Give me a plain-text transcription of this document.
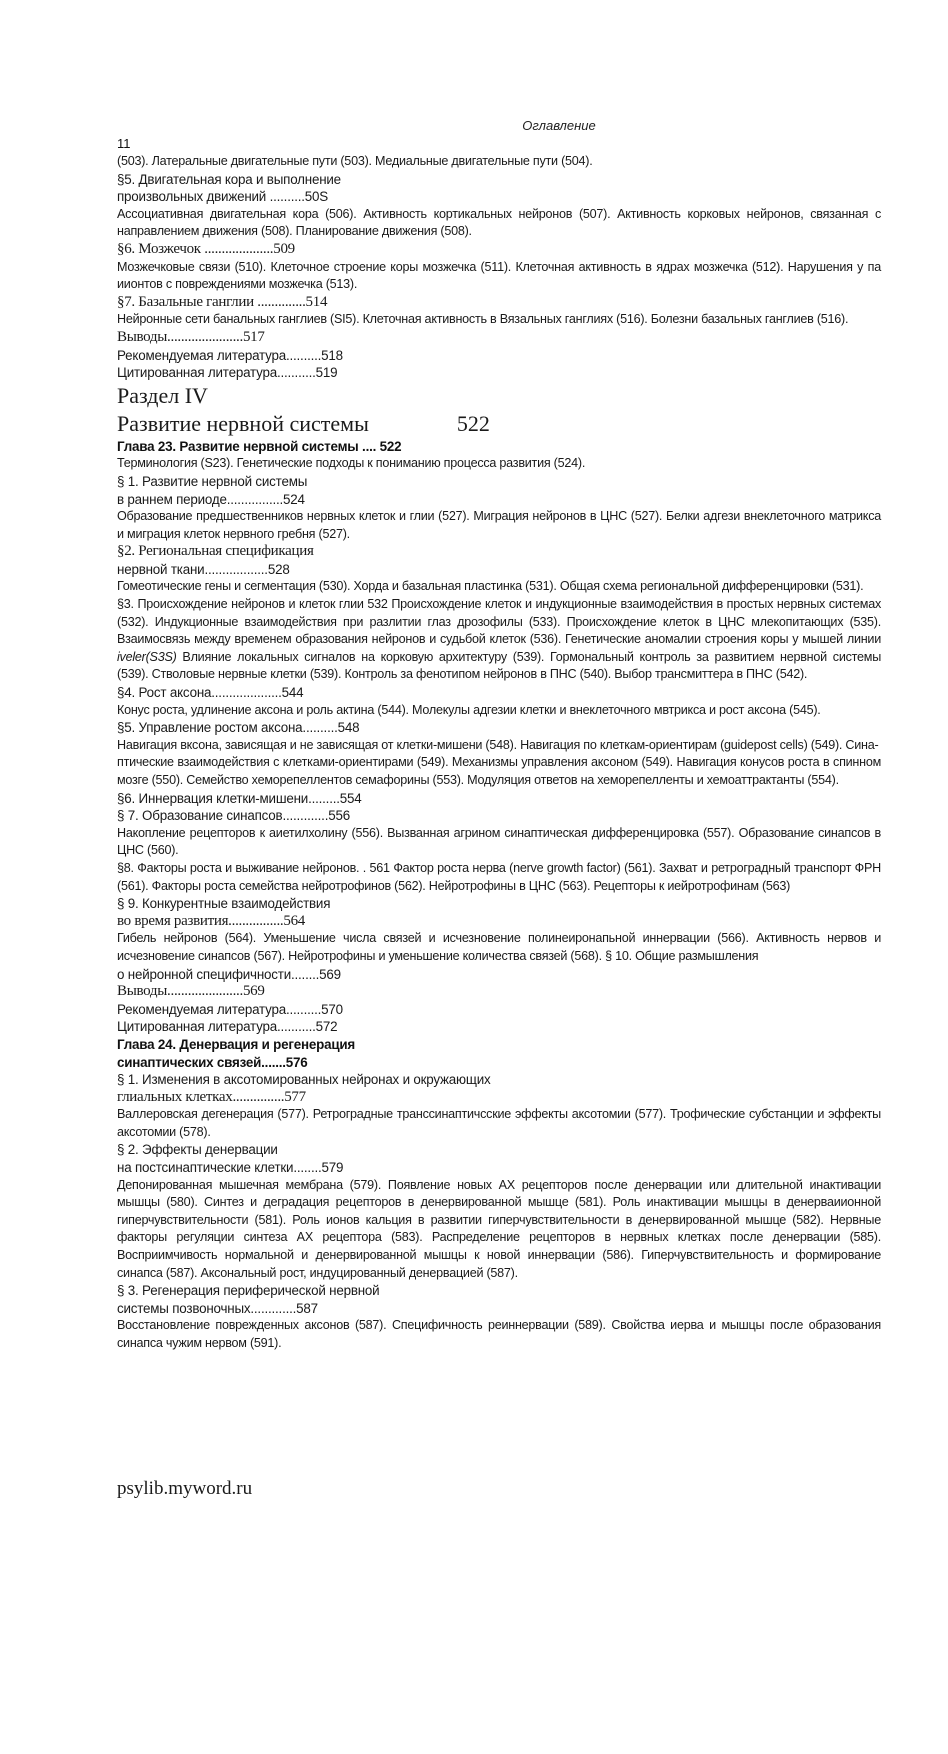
Оглавление
11
(503). Латеральные двигательные пути (503). Медиальные двигательные пути (504).
§5. Двигательная кора и выполнение
произвольных движений ..........50S
Ассоциативная двигательная кора (506). Активность кортикальных нейронов (507). Активность корковых нейронов, связанная с направлением движения (508). Планирование движения (508).
§6. Мозжечок ....................509
Мозжечковые связи (510). Клеточное строение коры мозжечка (511). Клеточная активность в ядрах мозжечка (512). Нарушения у па иионтов с повреждениями мозжечка (513).
§7. Базальные ганглии ..............514
Нейронные сети банальных ганглиев (SI5). Клеточная активность в Вязальных ганглиях (516). Болезни базальных ганглиев (516).
Выводы......................517
Рекомендуемая литература..........518
Цитированная литература...........519
Раздел IV
Развитие нервной системы                522
Глава 23. Развитие нервной системы .... 522
Терминология (S23). Генетические подходы к пониманию процесса развития (524).
§ 1. Развитие нервной системы
в раннем периоде................524
Образование предшественников нервных клеток и глии (527). Миграция нейронов в ЦНС (527). Белки адгези внеклеточного матрикса и миграция клеток нервного гребня (527).
§2. Региональная спецификация
нервной ткани..................528
Гомеотические гены и сегментация (530). Хорда и базальная пластинка (531). Общая схема региональной дифференцировки (531).
§3. Происхождение нейронов и клеток глии 532 Происхождение клеток и индукционные взаимодействия в простых нервных системах (532). Индукционные взаимодействия при разлитии глаз дрозофилы (533). Происхождение клеток в ЦНС млекопитающих (535). Взаимосвязь между временем образования нейронов и судьбой клеток (536). Генетические аномалии строения коры у мышей линии iveler(S3S) Влияние локальных сигналов на корковую архитектуру (539). Гормональный контроль за развитием нервной системы (539). Стволовые нервные клетки (539). Контроль за фенотипом нейронов в ПНС (540). Выбор трансмиттера в ПНС (542).
§4. Рост аксона....................544
Конус роста, удлинение аксона и роль актина (544). Молекулы адгезии клетки и внеклеточного мвтрикса и рост аксона (545).
§5. Управление ростом аксона..........548
Навигация вксона, зависящая и не зависящая от клетки-мишени (548). Навигация по клеткам-ориентирам (guidepost cells) (549). Сина-
птические взаимодействия с клетками-ориентирами (549). Механизмы управления аксоном (549). Навигация конусов роста в спинном мозге (550). Семейство хеморепеллентов семафорины (553). Модуляция ответов на хеморепелленты и хемоаттрактанты (554).
§6. Иннервация клетки-мишени.........554
§ 7. Образование синапсов.............556
Накопление рецепторов к аиетилхолину (556). Вызванная агрином синаптическая дифференцировка (557). Образование синапсов в ЦНС (560).
§8. Факторы роста и выживание нейронов. . 561 Фактор роста нерва (nerve growth factor) (561). Захват и ретроградный транспорт ФРН (561). Факторы роста семейства нейротрофинов (562). Нейротрофины в ЦНС (563). Рецепторы к иейротрофинам (563)
§ 9. Конкурентные взаимодействия
во время развития................564
Гибель нейронов (564). Уменьшение числа связей и исчезновение полинеиронапьной иннервации (566). Активность нервов и исчезновение синапсов (567). Нейротрофины и уменьшение количества связей (568). § 10. Общие размышления
о нейронной специфичности........569
Выводы......................569
Рекомендуемая литература..........570
Цитированная литература...........572
Глава 24. Денервация и регенерация
синаптических связей.......576
§ 1. Изменения в аксотомированных нейронах и окружающих
глиальных клетках...............577
Валлеровская дегенерация (577). Ретроградные транссинаптичсские эффекты аксотомии (577). Трофические субстанции и эффекты аксотомии (578).
§ 2. Эффекты денервации
на постсинаптические клетки........579
Депонированная мышечная мембрана (579). Появление новых АХ рецепторов после денервации или длительной инактивации мышцы (580). Синтез и деградация рецепторов в денервированной мышце (581). Роль инактивации мышцы в денерваиионной гиперчувствительности (581). Роль ионов кальция в развитии гиперчувствительности в денервированной мышце (582). Нервные факторы регуляции синтеза АХ рецептора (583). Распределение рецепторов в нервных клетках после денервации (585). Восприимчивость нормальной и денервированной мышцы к новой иннервации (586). Гиперчувствительность и формирование синапса (587). Аксональный рост, индуцированный денервацией (587).
§ 3. Регенерация периферической нервной
системы позвоночных.............587
Восстановление поврежденных аксонов (587). Специфичность реиннервации (589). Свойства иерва и мышцы после образования синапса чужим нервом (591).
psylib.myword.ru
